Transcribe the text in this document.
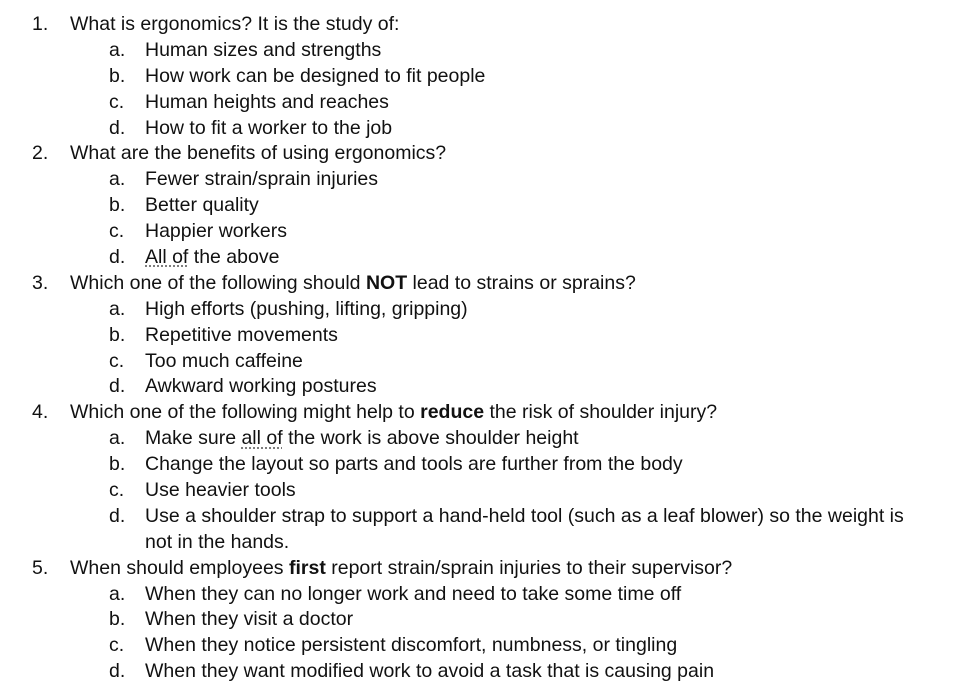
1. What is ergonomics? It is the study of:
a. Human sizes and strengths
b. How work can be designed to fit people
c. Human heights and reaches
d. How to fit a worker to the job
2. What are the benefits of using ergonomics?
a. Fewer strain/sprain injuries
b. Better quality
c. Happier workers
d. All of the above
3. Which one of the following should NOT lead to strains or sprains?
a. High efforts (pushing, lifting, gripping)
b. Repetitive movements
c. Too much caffeine
d. Awkward working postures
4. Which one of the following might help to reduce the risk of shoulder injury?
a. Make sure all of the work is above shoulder height
b. Change the layout so parts and tools are further from the body
c. Use heavier tools
d. Use a shoulder strap to support a hand-held tool (such as a leaf blower) so the weight is
not in the hands.
5. When should employees first report strain/sprain injuries to their supervisor?
a. When they can no longer work and need to take some time off
b. When they visit a doctor
c. When they notice persistent discomfort, numbness, or tingling
d. When they want modified work to avoid a task that is causing pain
